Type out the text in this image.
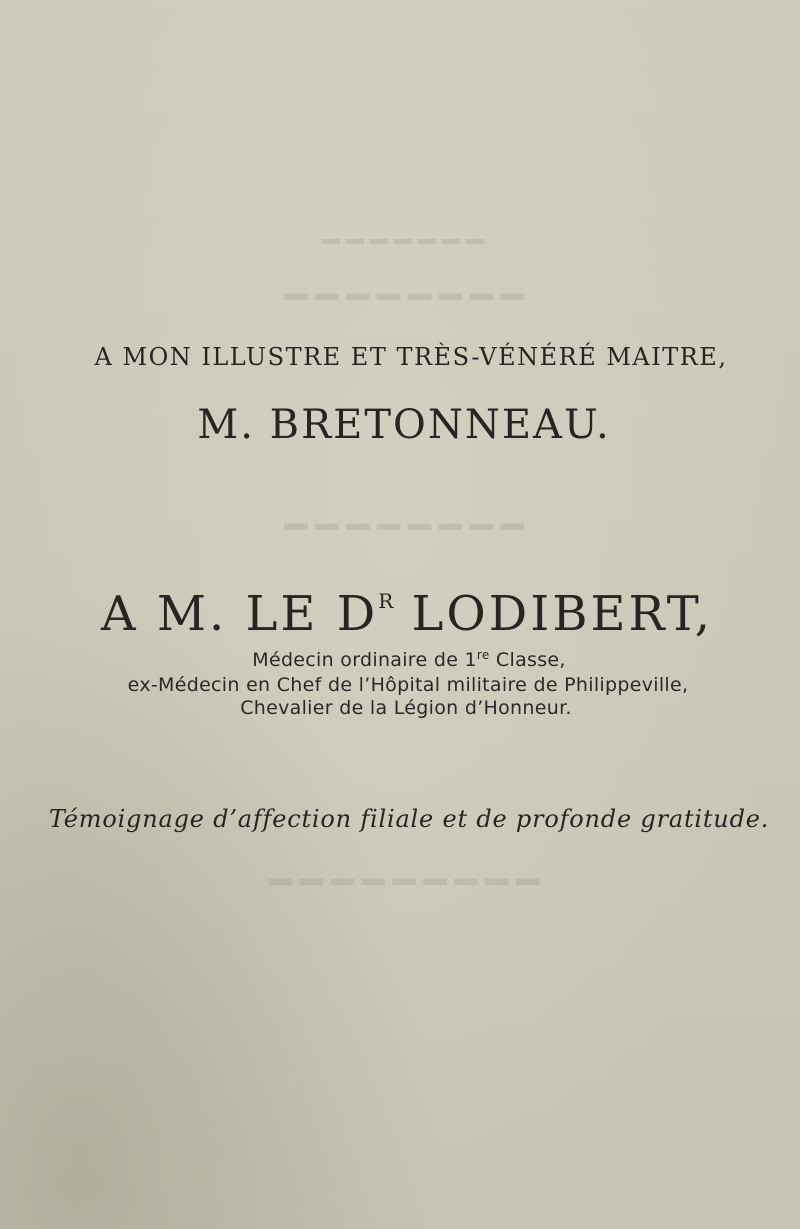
━━━━━━━
━━━━━━━━
━━━━━━━━
━━━━━━━━━
A MON ILLUSTRE ET TRÈS-VÉNÉRÉ MAITRE,
M. BRETONNEAU.
A M. LE $D^R$ LODIBERT,
Médecin ordinaire de 1re Classe,
ex-Médecin en Chef de l’Hôpital militaire de Philippeville,
Chevalier de la Légion d’Honneur.
Témoignage d’affection filiale et de profonde gratitude.
